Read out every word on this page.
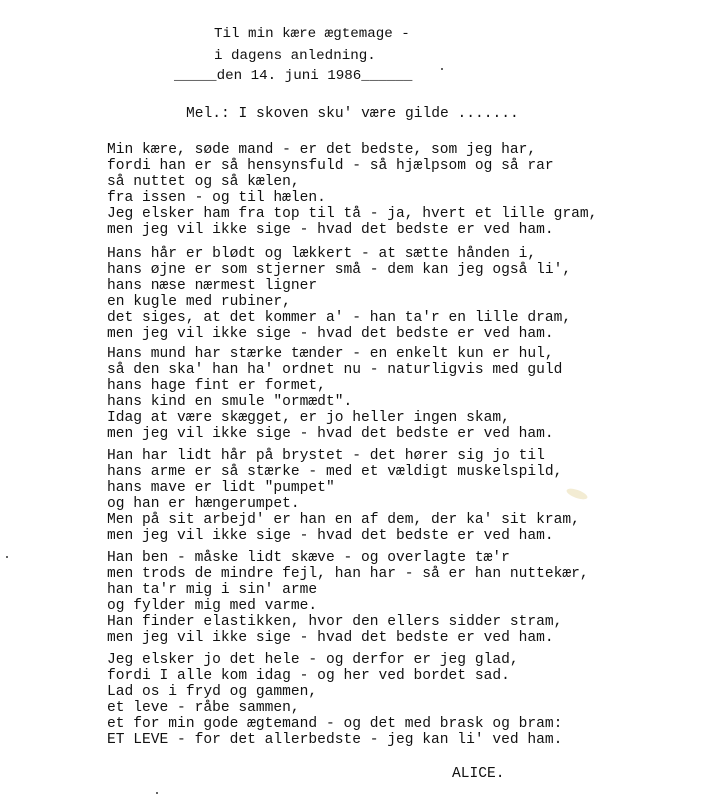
Til min kære ægtemage -
i dagens anledning.
_____den 14. juni 1986______
Mel.: I skoven sku' være gilde .......
Min kære, søde mand - er det bedste, som jeg har,
fordi han er så hensynsfuld - så hjælpsom og så rar
så nuttet og så kælen,
fra issen - og til hælen.
Jeg elsker ham fra top til tå - ja, hvert et lille gram,
men jeg vil ikke sige - hvad det bedste er ved ham.
Hans hår er blødt og lækkert - at sætte hånden i,
hans øjne er som stjerner små - dem kan jeg også li',
hans næse nærmest ligner
en kugle med rubiner,
det siges, at det kommer a' - han ta'r en lille dram,
men jeg vil ikke sige - hvad det bedste er ved ham.
Hans mund har stærke tænder - en enkelt kun er hul,
så den ska' han ha' ordnet nu - naturligvis med guld
hans hage fint er formet,
hans kind en smule "ormædt".
Idag at være skægget, er jo heller ingen skam,
men jeg vil ikke sige - hvad det bedste er ved ham.
Han har lidt hår på brystet - det hører sig jo til
hans arme er så stærke - med et vældigt muskelspild,
hans mave er lidt "pumpet"
og han er hængerumpet.
Men på sit arbejd' er han en af dem, der ka' sit kram,
men jeg vil ikke sige - hvad det bedste er ved ham.
Han ben - måske lidt skæve - og overlagte tæ'r
men trods de mindre fejl, han har - så er han nuttekær,
han ta'r mig i sin' arme
og fylder mig med varme.
Han finder elastikken, hvor den ellers sidder stram,
men jeg vil ikke sige - hvad det bedste er ved ham.
Jeg elsker jo det hele - og derfor er jeg glad,
fordi I alle kom idag - og her ved bordet sad.
Lad os i fryd og gammen,
et leve - råbe sammen,
et for min gode ægtemand - og det med brask og bram:
ET LEVE - for det allerbedste - jeg kan li' ved ham.
ALICE.
